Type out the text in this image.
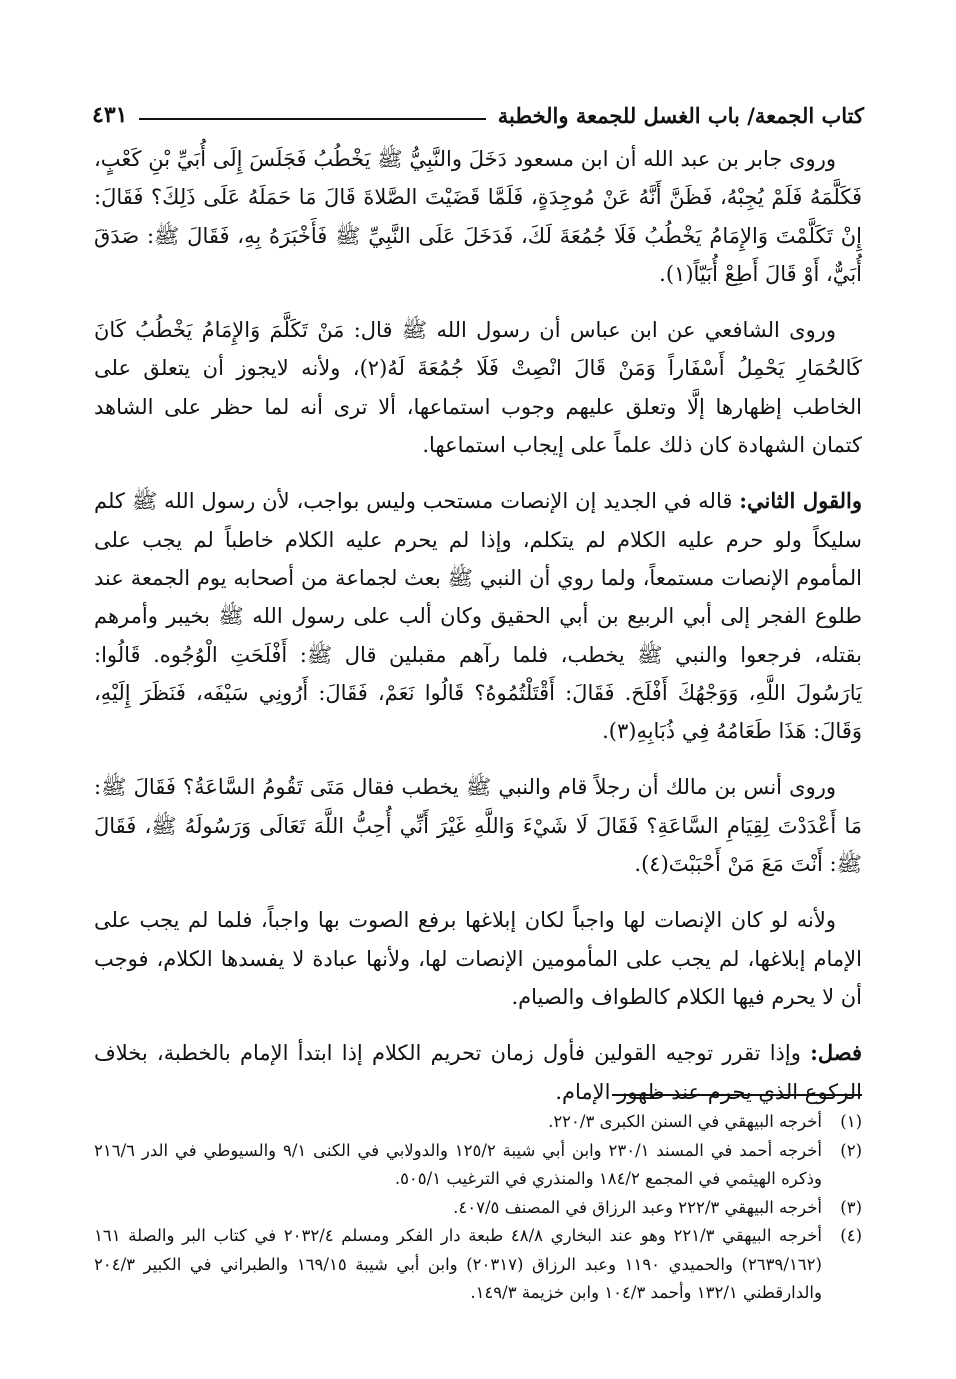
كتاب الجمعة/ باب الغسل للجمعة والخطبة
٤٣١

وروى جابر بن عبد الله أن ابن مسعود دَخَلَ والنَّبِيُّ ﷺ يَخْطُبُ فَجَلَسَ إِلَى أُبَيِّ بْنِ كَعْبٍ، فَكَلَّمَهُ فَلَمْ يُجِبْهُ، فَظَنَّ أَنَّهُ عَنْ مُوجِدَةٍ، فَلَمَّا قَضَيْتَ الصَّلاةَ قَالَ مَا حَمَلَهُ عَلَى ذَلِكَ؟ فَقَالَ: إِنْ تَكَلَّمْتَ وَالإِمَامُ يَخْطُبُ فَلَا جُمُعَةَ لَكَ، فَدَخَلَ عَلَى النَّبِيِّ ﷺ فَأَخْبَرَهُ بِهِ، فَقَالَ ﷺ: صَدَقَ أُبَيٌّ، أَوْ قَالَ أَطِعْ أُبَيّاً(١).

وروى الشافعي عن ابن عباس أن رسول الله ﷺ قال: مَنْ تَكَلَّمَ وَالإِمَامُ يَخْطُبُ كَانَ كَالحُمَارِ يَحْمِلُ أَسْفَاراً وَمَنْ قَالَ انْصِتْ فَلَا جُمُعَةَ لَهُ(٢)، ولأنه لايجوز أن يتعلق على الخاطب إظهارها إلَّا وتعلق عليهم وجوب استماعها، ألا ترى أنه لما حظر على الشاهد كتمان الشهادة كان ذلك علماً على إيجاب استماعها.

والقول الثاني: قاله في الجديد إن الإنصات مستحب وليس بواجب، لأن رسول الله ﷺ كلم سليكاً ولو حرم عليه الكلام لم يتكلم، وإذا لم يحرم عليه الكلام خاطباً لم يجب على المأموم الإنصات مستمعاً، ولما روي أن النبي ﷺ بعث لجماعة من أصحابه يوم الجمعة عند طلوع الفجر إلى أبي الربيع بن أبي الحقيق وكان ألب على رسول الله ﷺ بخيبر وأمرهم بقتله، فرجعوا والنبي ﷺ يخطب، فلما رآهم مقبلين قال ﷺ: أَفْلَحَتِ الْوُجُوه. قَالُوا: يَارَسُولَ اللَّهِ، وَوَجْهُكَ أَفْلَحَ. فَقَالَ: أَقْتَلْتُمُوهُ؟ قَالُوا نَعَمْ، فَقَالَ: أَرُونِي سَيْفَه، فَنَظَرَ إِلَيْهِ، وَقَالَ: هَذَا طَعَامُهُ فِي ذُبَابِهِ(٣).

وروى أنس بن مالك أن رجلاً قام والنبي ﷺ يخطب فقال مَتَى تَقُومُ السَّاعَةُ؟ فَقَالَ ﷺ: مَا أَعْدَدْتَ لِقِيَامِ السَّاعَةِ؟ فَقَالَ لَا شَيْءَ وَاللَّهِ غَيْرَ أَنِّي أُحِبُّ اللَّهَ تَعَالَى وَرَسُولَهُ ﷺ، فَقَالَ ﷺ: أَنْتَ مَعَ مَنْ أَحْبَبْتَ(٤).

ولأنه لو كان الإنصات لها واجباً لكان إبلاغها برفع الصوت بها واجباً، فلما لم يجب على الإمام إبلاغها، لم يجب على المأمومين الإنصات لها، ولأنها عبادة لا يفسدها الكلام، فوجب أن لا يحرم فيها الكلام كالطواف والصيام.

فصل: وإذا تقرر توجيه القولين فأول زمان تحريم الكلام إذا ابتدأ الإمام بالخطبة، بخلاف الركوع الذي يحرم عند ظهور الإمام.

(١)
أخرجه البيهقي في السنن الكبرى ٢٢٠/٣.
(٢)
أخرجه أحمد في المسند ٢٣٠/١ وابن أبي شيبة ١٢٥/٢ والدولابي في الكنى ٩/١ والسيوطي في الدر ٢١٦/٦ وذكره الهيثمي في المجمع ١٨٤/٢ والمنذري في الترغيب ٥٠٥/١.
(٣)
أخرجه البيهقي ٢٢٢/٣ وعبد الرزاق في المصنف ٤٠٧/٥.
(٤)
أخرجه البيهقي ٢٢١/٣ وهو عند البخاري ٤٨/٨ طبعة دار الفكر ومسلم ٢٠٣٢/٤ في كتاب البر والصلة ١٦١ (٢٦٣٩/١٦٢) والحميدي ١١٩٠ وعبد الرزاق (٢٠٣١٧) وابن أبي شيبة ١٦٩/١٥ والطبراني في الكبير ٢٠٤/٣ والدارقطني ١٣٢/١ وأحمد ١٠٤/٣ وابن خزيمة ١٤٩/٣.
